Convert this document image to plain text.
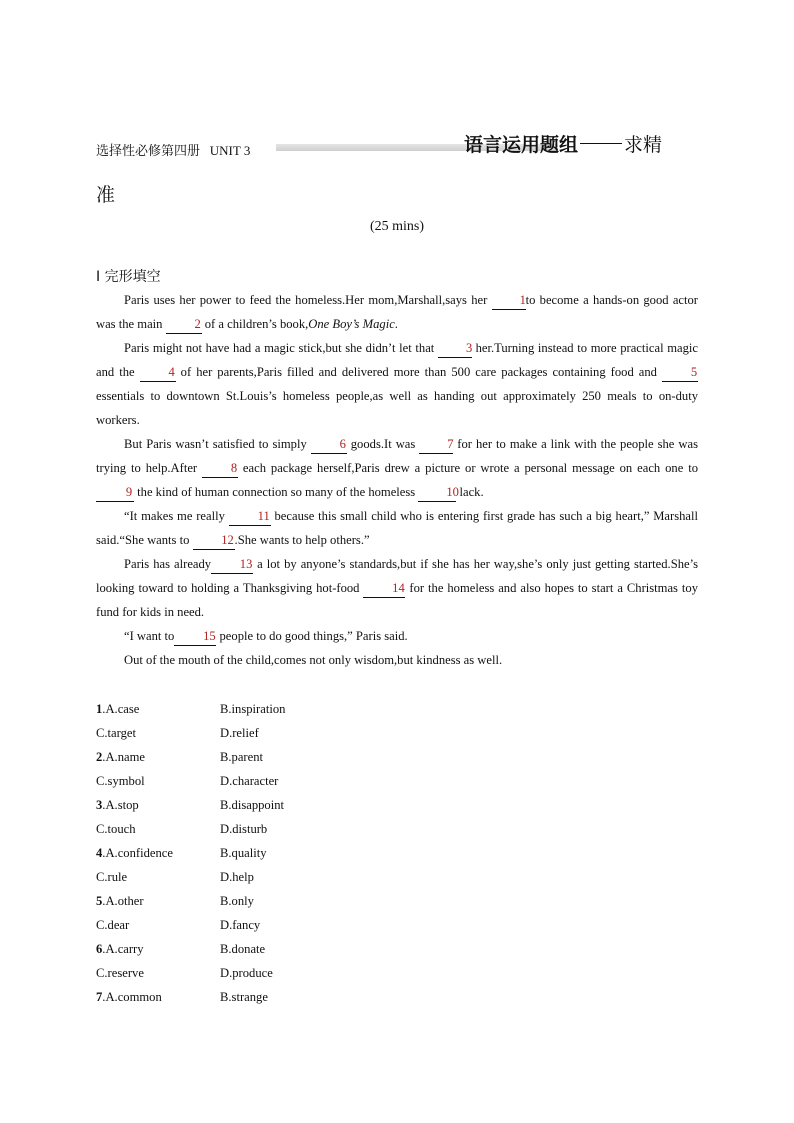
选择性必修第四册 UNIT 3	语言运用题组 求精
准
(25 mins)
Ⅰ 完形填空

Paris uses her power to feed the homeless.Her mom,Marshall,says her 1to become a hands-on good actor was the main 2 of a children’s book,One Boy’s Magic.

Paris might not have had a magic stick,but she didn’t let that 3 her.Turning instead to more practical magic and the 4 of her parents,Paris filled and delivered more than 500 care packages containing food and 5 essentials to downtown St.Louis’s homeless people,as well as handing out approximately 250 meals to on-duty workers.

But Paris wasn’t satisfied to simply 6 goods.It was 7 for her to make a link with the people she was trying to help.After 8 each package herself,Paris drew a picture or wrote a personal message on each one to 9 the kind of human connection so many of the homeless 10 lack.

“It makes me really 11 because this small child who is entering first grade has such a big heart,” Marshall said.“She wants to 12.She wants to help others.”

Paris has already 13 a lot by anyone’s standards,but if she has her way,she’s only just getting started.She’s looking toward to holding a Thanksgiving hot-food 14 for the homeless and also hopes to start a Christmas toy fund for kids in need.

“I want to 15 people to do good things,” Paris said.

Out of the mouth of the child,comes not only wisdom,but kindness as well.

1.A.case	B.inspiration
C.target	D.relief
2.A.name	B.parent
C.symbol	D.character
3.A.stop	B.disappoint
C.touch	D.disturb
4.A.confidence	B.quality
C.rule	D.help
5.A.other	B.only
C.dear	D.fancy
6.A.carry	B.donate
C.reserve	D.produce
7.A.common	B.strange
